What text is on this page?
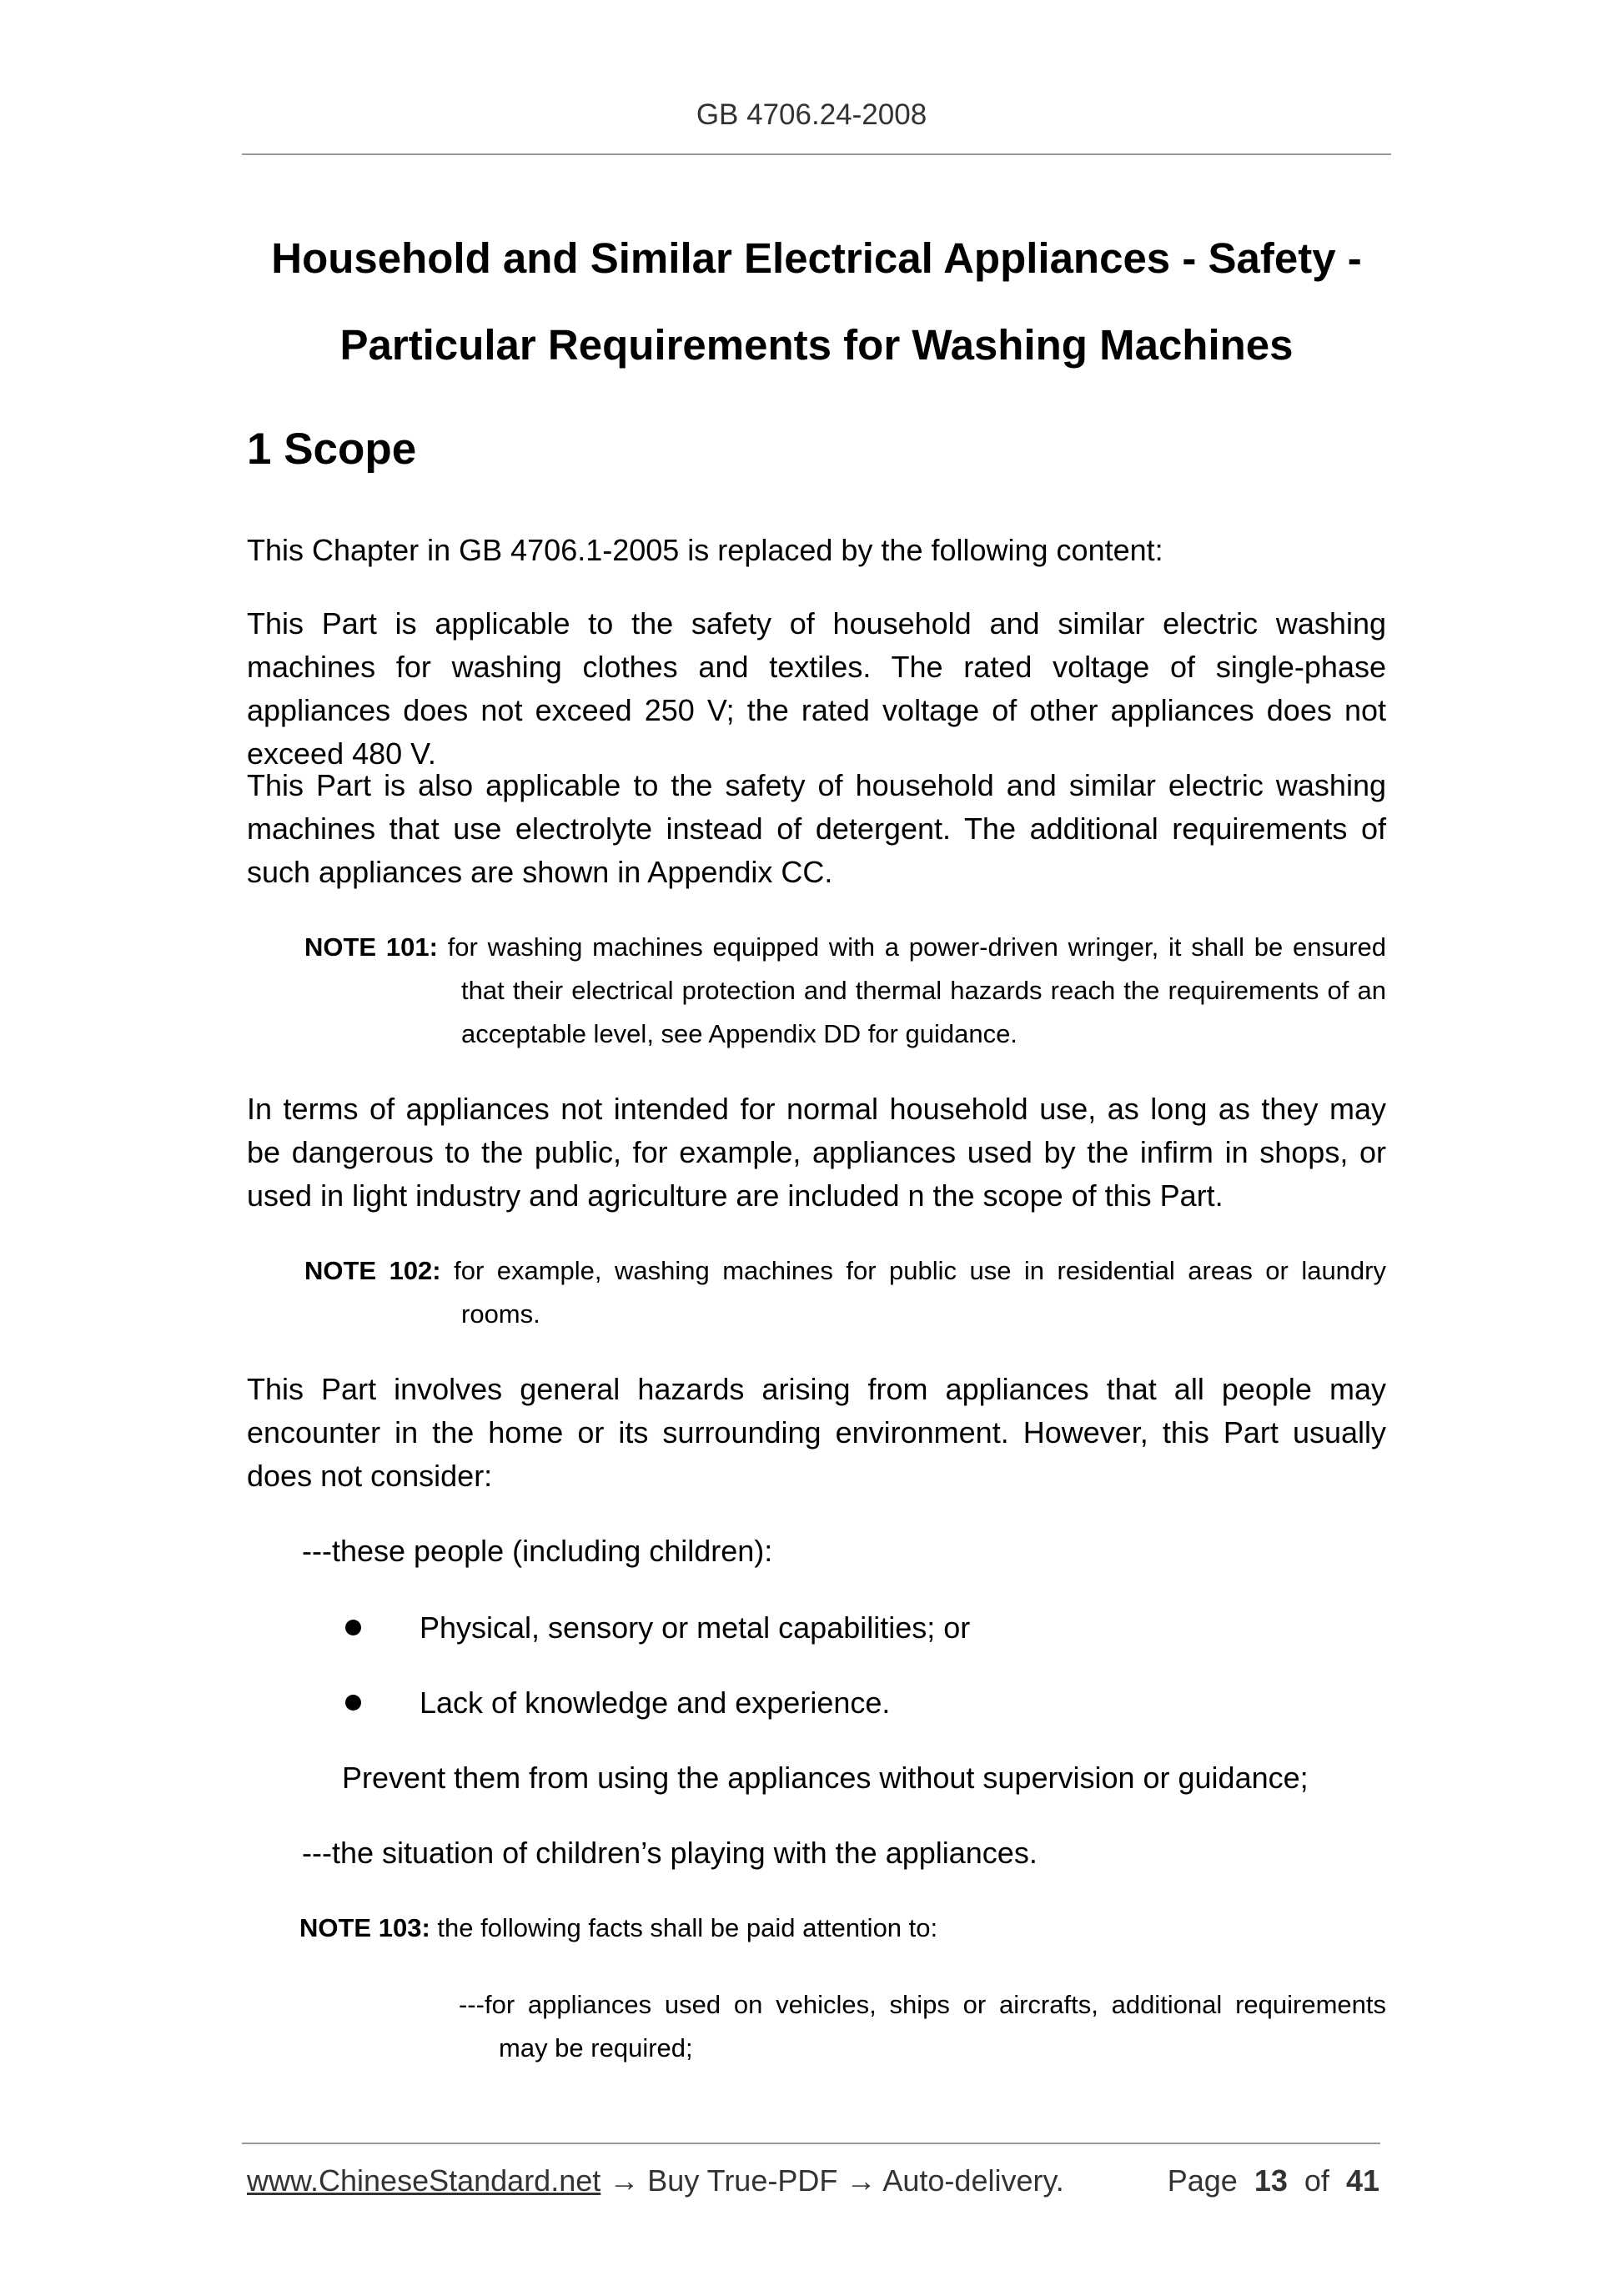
GB 4706.24-2008
Household and Similar Electrical Appliances - Safety -
Particular Requirements for Washing Machines
1 Scope

This Chapter in GB 4706.1-2005 is replaced by the following content:

This Part is applicable to the safety of household and similar electric washing machines for washing clothes and textiles. The rated voltage of single-phase appliances does not exceed 250 V; the rated voltage of other appliances does not exceed 480 V.

This Part is also applicable to the safety of household and similar electric washing machines that use electrolyte instead of detergent. The additional requirements of such appliances are shown in Appendix CC.

NOTE 101: for washing machines equipped with a power-driven wringer, it shall be ensured that their electrical protection and thermal hazards reach the requirements of an acceptable level, see Appendix DD for guidance.

In terms of appliances not intended for normal household use, as long as they may be dangerous to the public, for example, appliances used by the infirm in shops, or used in light industry and agriculture are included n the scope of this Part.

NOTE 102: for example, washing machines for public use in residential areas or laundry rooms.

This Part involves general hazards arising from appliances that all people may encounter in the home or its surrounding environment. However, this Part usually does not consider:

---these people (including children):
Physical, sensory or metal capabilities; or
Lack of knowledge and experience.
Prevent them from using the appliances without supervision or guidance;
---the situation of children’s playing with the appliances.
NOTE 103: the following facts shall be paid attention to:
---for appliances used on vehicles, ships or aircrafts, additional requirements may be required;
www.ChineseStandard.net → Buy True-PDF → Auto-delivery.	Page 13 of 41
